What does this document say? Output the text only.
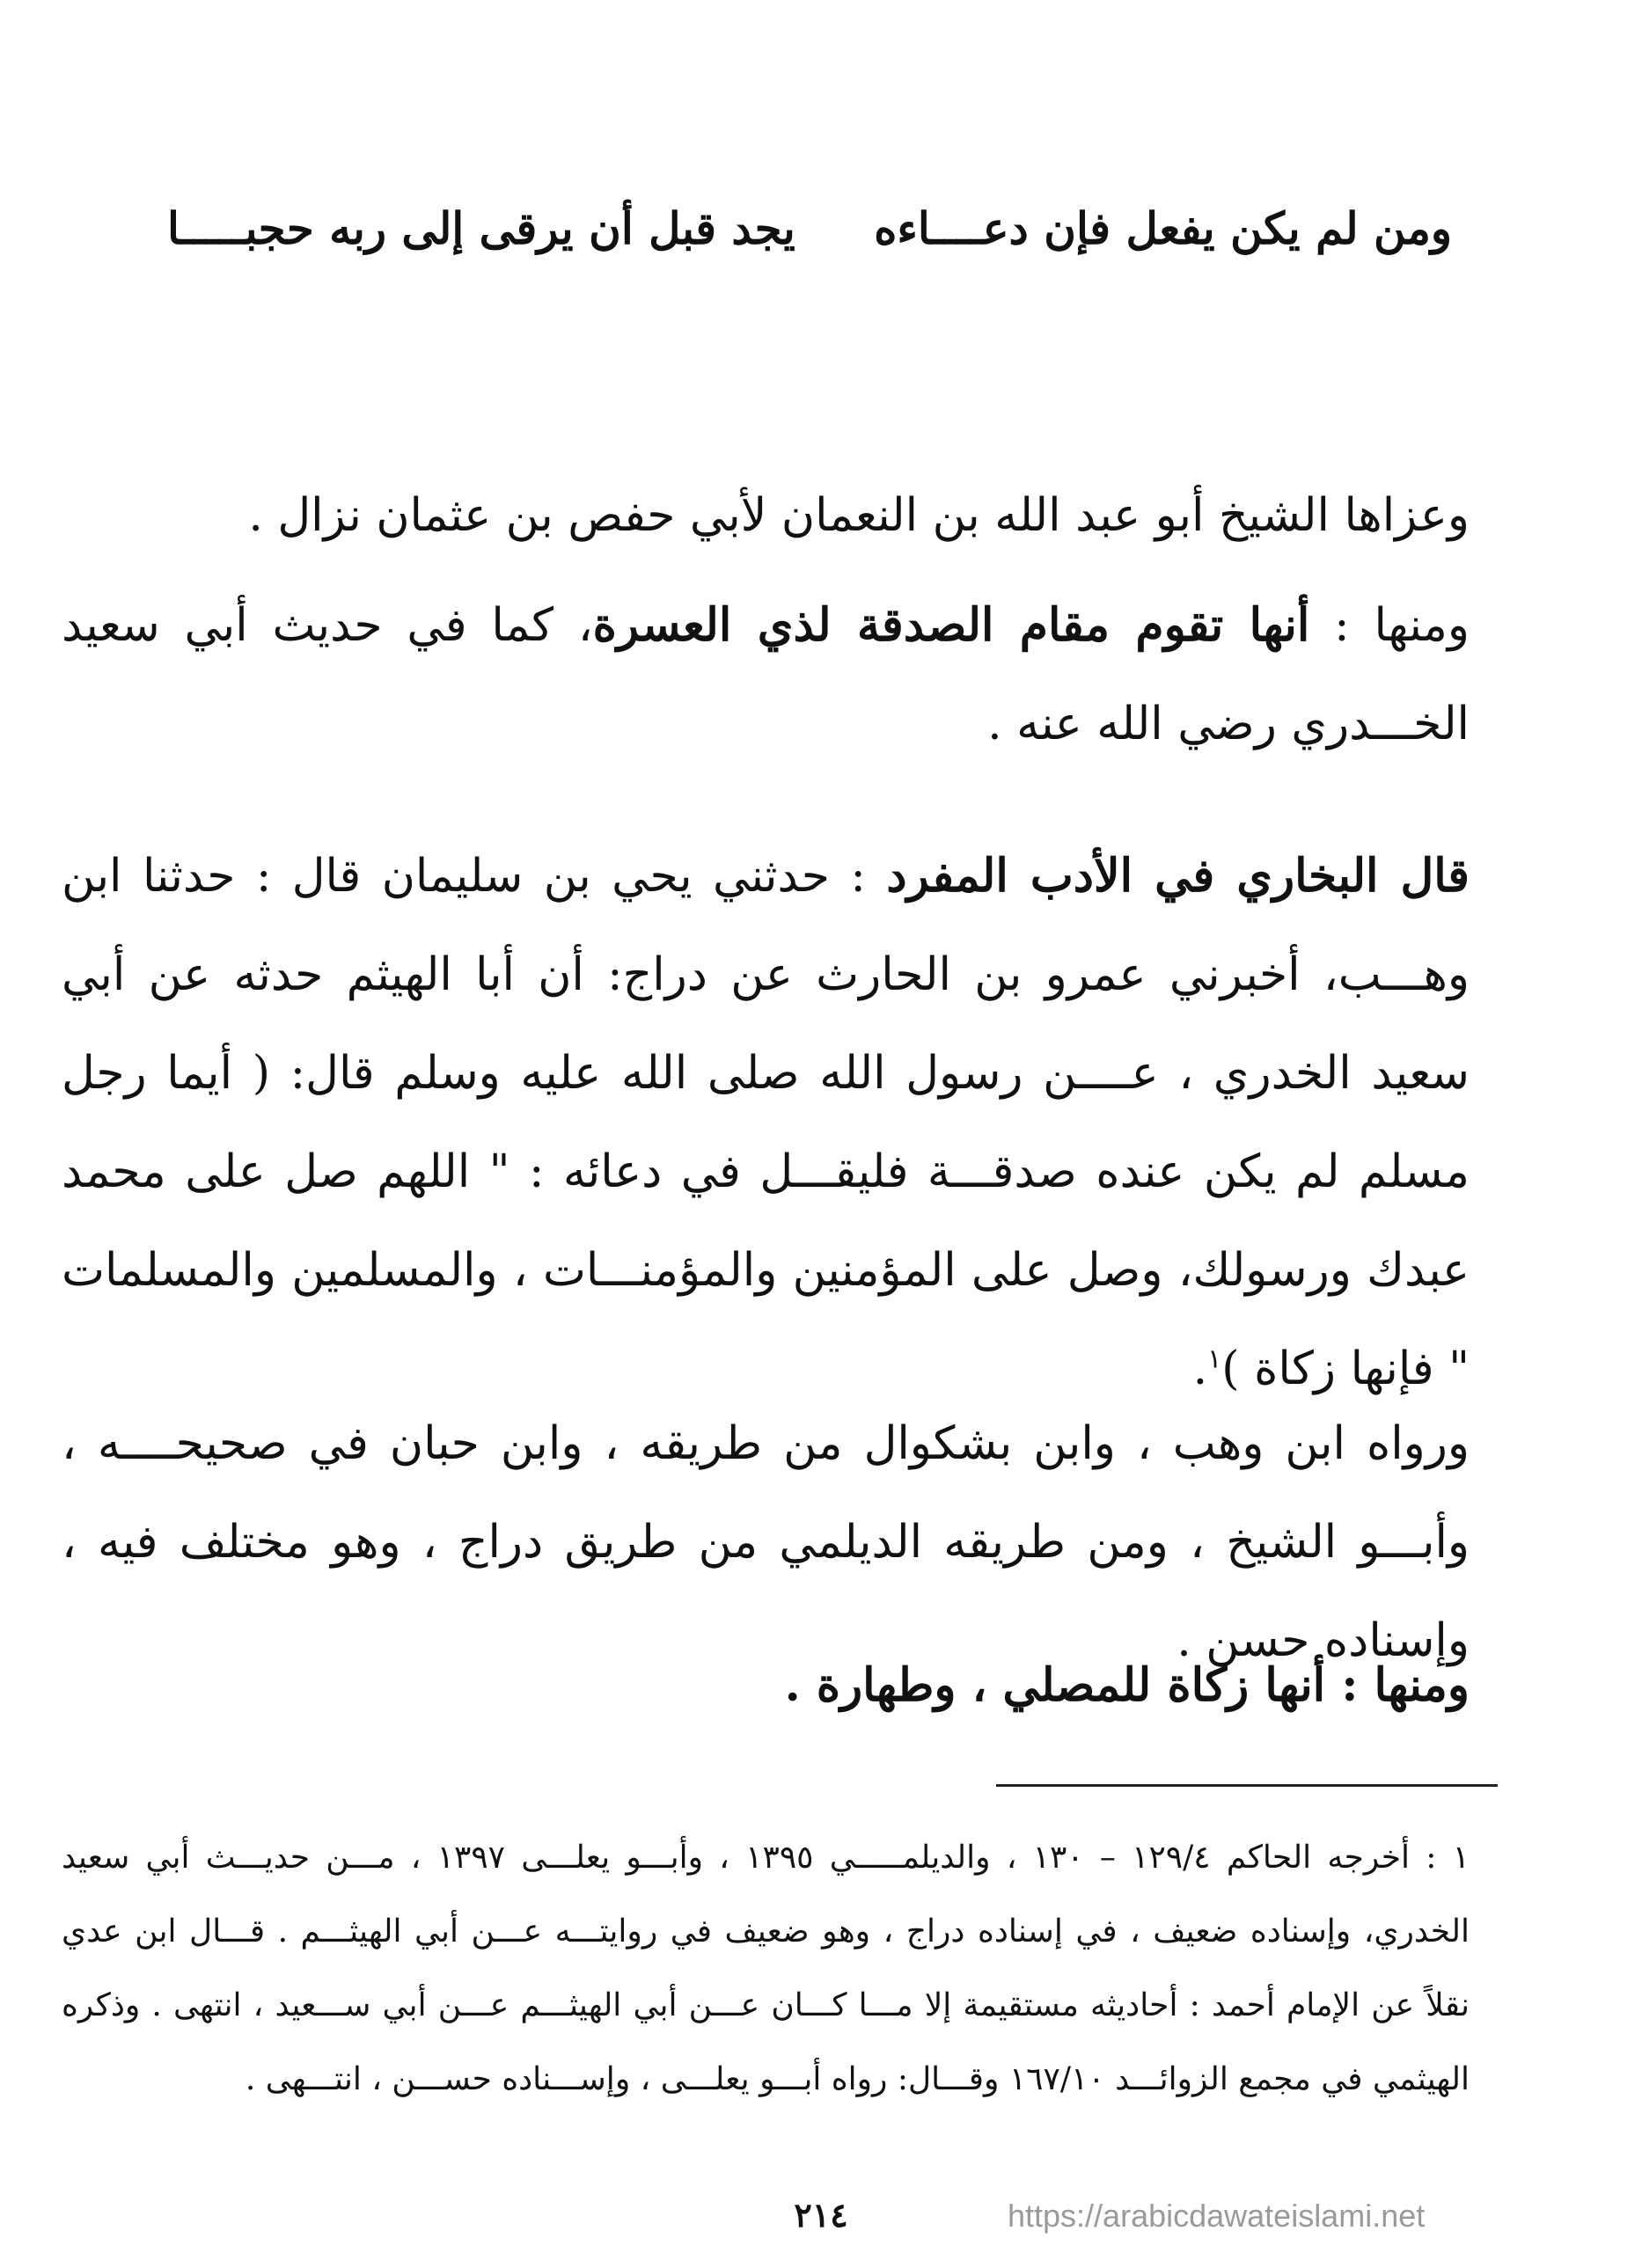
ومن لم يكن يفعل فإن دعــــاءه
يجد قبل أن يرقى إلى ربه حجبـــــا

وعزاها الشيخ أبو عبد الله بن النعمان لأبي حفص بن عثمان نزال .

ومنها : أنها تقوم مقام الصدقة لذي العسرة، كما في حديث أبي سعيد الخـــدري رضي الله عنه .

قال البخاري في الأدب المفرد : حدثني يحي بن سليمان قال : حدثنا ابن وهـــب، أخبرني عمرو بن الحارث عن دراج: أن أبا الهيثم حدثه عن أبي سعيد الخدري ، عــــن رسول الله صلى الله عليه وسلم قال: ( أيما رجل مسلم لم يكن عنده صدقـــة فليقـــل في دعائه : " اللهم صل على محمد عبدك ورسولك، وصل على المؤمنين والمؤمنـــات ، والمسلمين والمسلمات " فإنها زكاة )$^١$.

ورواه ابن وهب ، وابن بشكوال من طريقه ، وابن حبان في صحيحــــه ، وأبـــو الشيخ ، ومن طريقه الديلمي من طريق دراج ، وهو مختلف فيه ، وإسناده حسن .

ومنها : أنها زكاة للمصلي ، وطهارة .

١ : أخرجه الحاكم ١٢٩/٤ – ١٣٠ ، والديلمـــــي ١٣٩٥ ، وأبـــو يعلـــى ١٣٩٧ ، مـــن حديـــث أبي سعيد الخدري، وإسناده ضعيف ، في إسناده دراج ، وهو ضعيف في روايتـــه عـــن أبي الهيثـــم . قـــال ابن عدي نقلاً عن الإمام أحمد : أحاديثه مستقيمة إلا مـــا كـــان عـــن أبي الهيثـــم عـــن أبي ســـعيد ، انتهى . وذكره الهيثمي في مجمع الزوائـــد ١٦٧/١٠ وقـــال: رواه أبـــو يعلـــى ، وإســـناده حســـن ، انتـــهى .

٢١٤	https://arabicdawateislami.net
